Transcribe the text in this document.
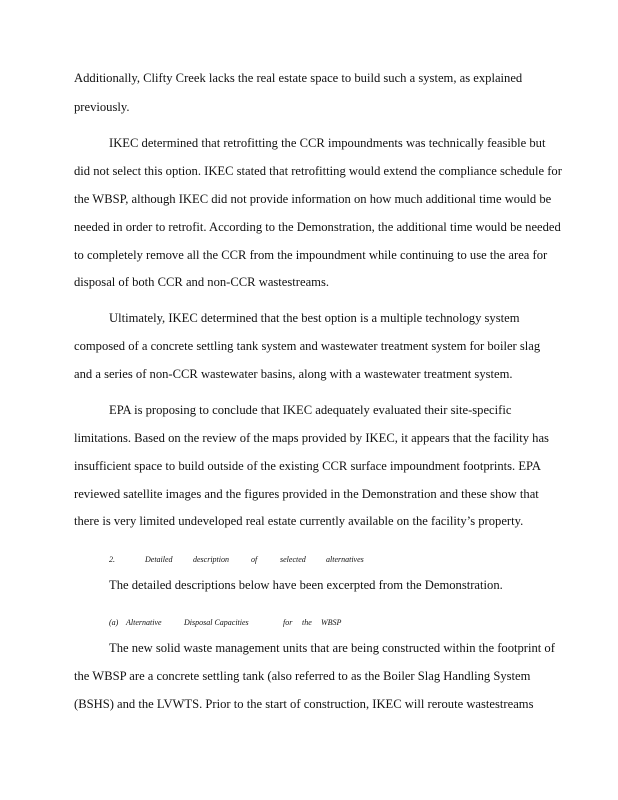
Additionally, Clifty Creek lacks the real estate space to build such a system, as explained
previously.
IKEC determined that retrofitting the CCR impoundments was technically feasible but
did not select this option. IKEC stated that retrofitting would extend the compliance schedule for
the WBSP, although IKEC did not provide information on how much additional time would be
needed in order to retrofit. According to the Demonstration, the additional time would be needed
to completely remove all the CCR from the impoundment while continuing to use the area for
disposal of both CCR and non-CCR wastestreams.
Ultimately, IKEC determined that the best option is a multiple technology system
composed of a concrete settling tank system and wastewater treatment system for boiler slag
and a series of non-CCR wastewater basins, along with a wastewater treatment system.
EPA is proposing to conclude that IKEC adequately evaluated their site-specific
limitations. Based on the review of the maps provided by IKEC, it appears that the facility has
insufficient space to build outside of the existing CCR surface impoundment footprints. EPA
reviewed satellite images and the figures provided in the Demonstration and these show that
there is very limited undeveloped real estate currently available on the facility’s property.
2.	Detailed	description	of	selected	alternatives
The detailed descriptions below have been excerpted from the Demonstration.
(a) Alternative	Disposal Capacities	for the WBSP
The new solid waste management units that are being constructed within the footprint of
the WBSP are a concrete settling tank (also referred to as the Boiler Slag Handling System
(BSHS) and the LVWTS. Prior to the start of construction, IKEC will reroute wastestreams
